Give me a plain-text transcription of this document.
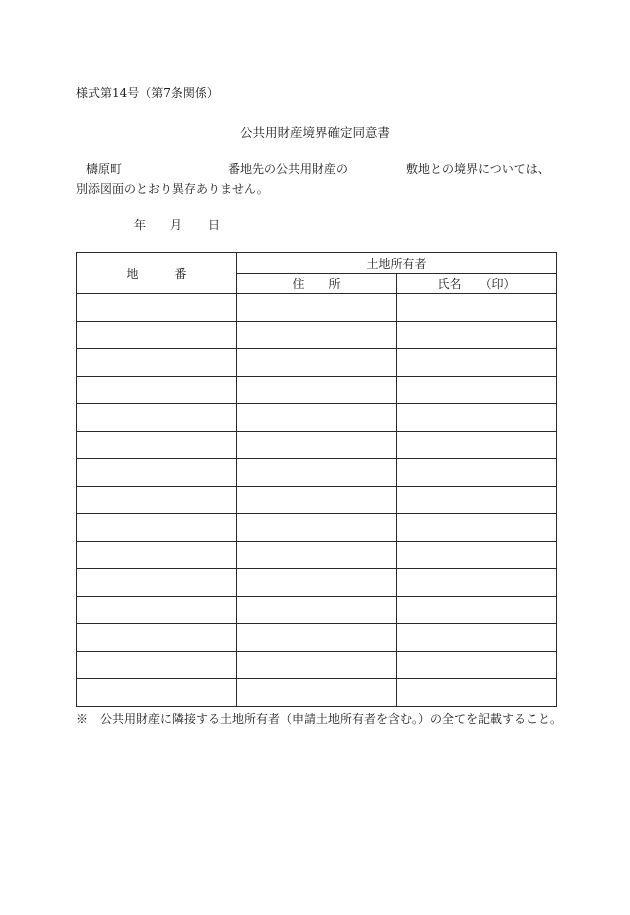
様式第14号（第7条関係）
公共用財産境界確定同意書
檮原町	番地先の公共用財産の	敷地との境界については、
別添図面のとおり異存ありません。
年 月 日
地　　　番	土地所有者	
	住　　所	氏名　　（印）

※　公共用財産に隣接する土地所有者（申請土地所有者を含む。）の全てを記載すること。
